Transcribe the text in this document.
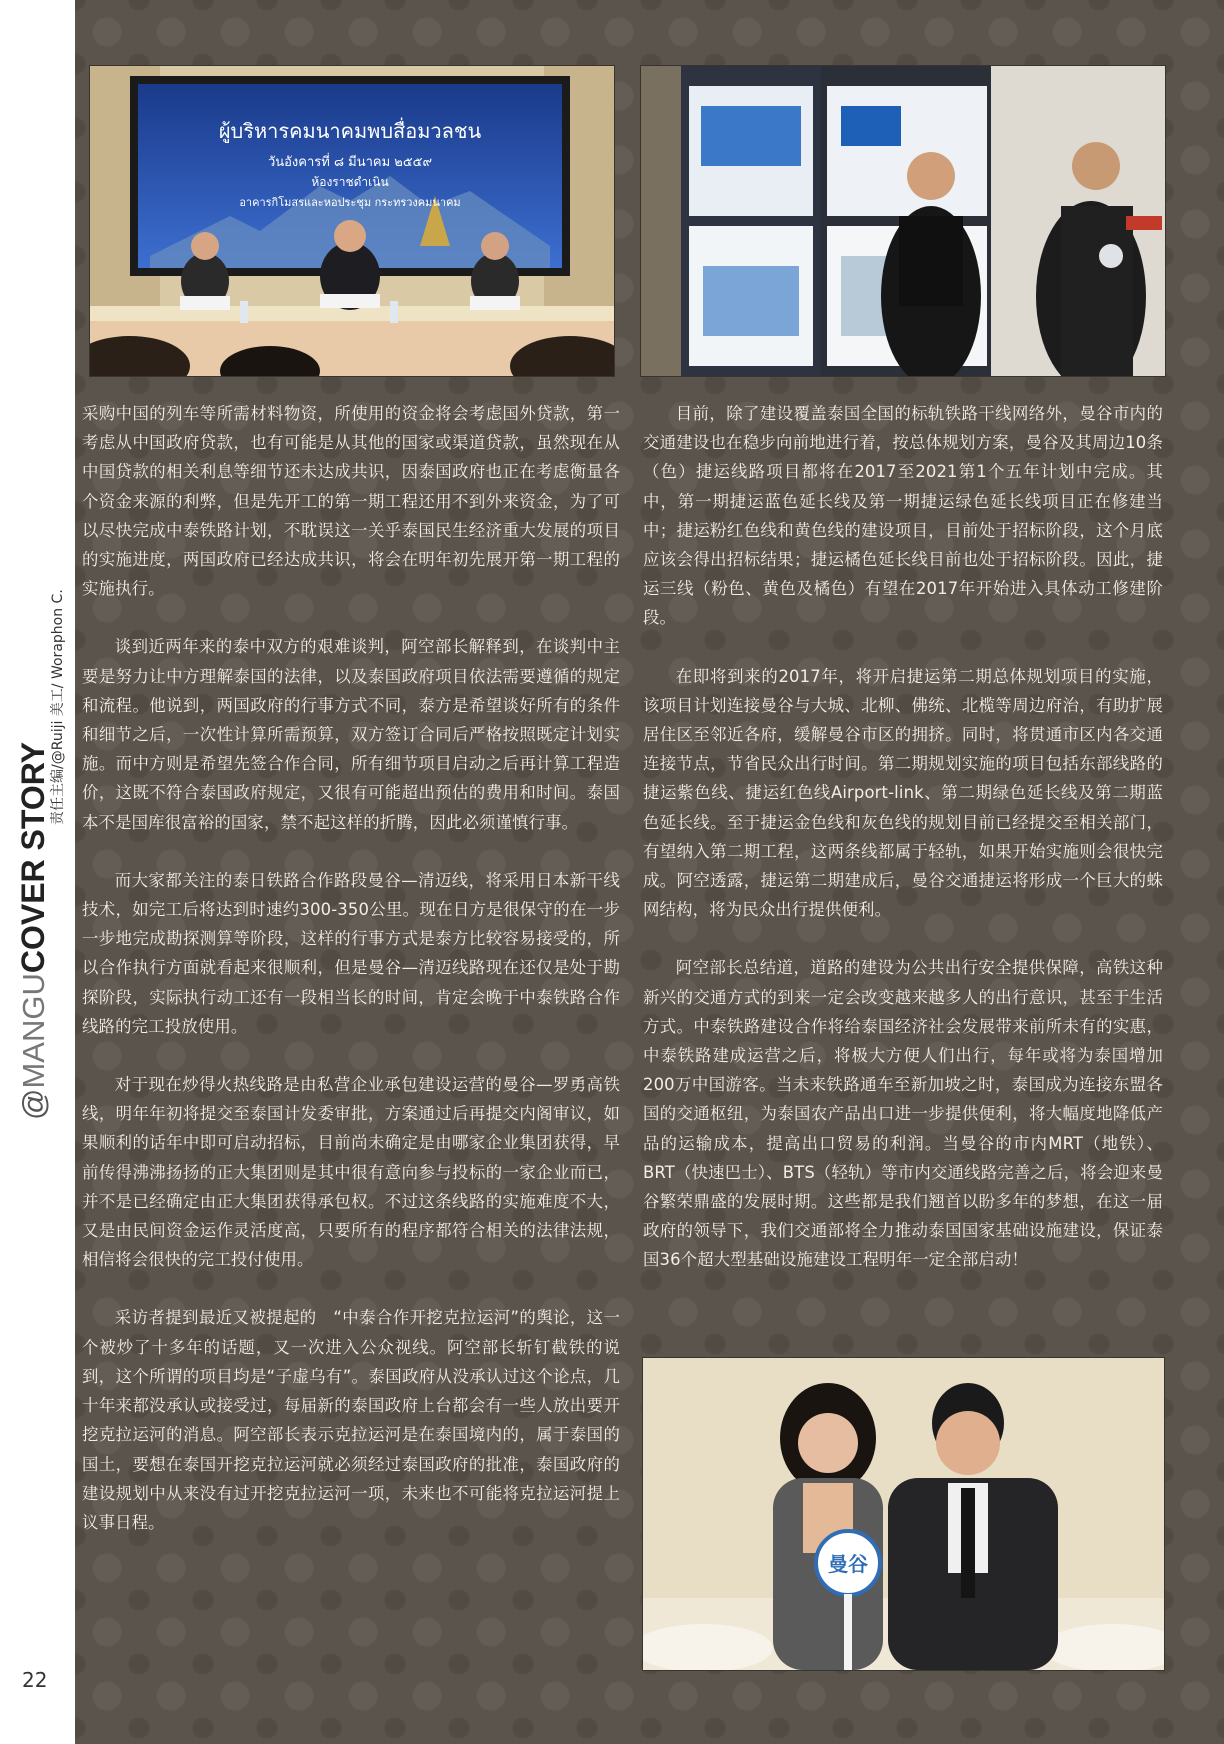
@MANGUCOVER STORY
责任主编/@Ruiji 美工/ Woraphon C.
22
ผู้บริหารคมนาคมพบสื่อมวลชน
วันอังคารที่ ๘ มีนาคม ๒๕๕๙
ห้องราชดำเนิน
อาคารกิโมสรและหอประชุม กระทรวงคมนาคม

采购中国的列车等所需材料物资，所使用的资金将会考虑国外贷款，第一考虑从中国政府贷款，也有可能是从其他的国家或渠道贷款，虽然现在从中国贷款的相关利息等细节还未达成共识，因泰国政府也正在考虑衡量各个资金来源的利弊，但是先开工的第一期工程还用不到外来资金，为了可以尽快完成中泰铁路计划，不耽误这一关乎泰国民生经济重大发展的项目的实施进度，两国政府已经达成共识，将会在明年初先展开第一期工程的实施执行。

谈到近两年来的泰中双方的艰难谈判，阿空部长解释到，在谈判中主要是努力让中方理解泰国的法律，以及泰国政府项目依法需要遵循的规定和流程。他说到，两国政府的行事方式不同，泰方是希望谈好所有的条件和细节之后，一次性计算所需预算，双方签订合同后严格按照既定计划实施。而中方则是希望先签合作合同，所有细节项目启动之后再计算工程造价，这既不符合泰国政府规定，又很有可能超出预估的费用和时间。泰国本不是国库很富裕的国家，禁不起这样的折腾，因此必须谨慎行事。

而大家都关注的泰日铁路合作路段曼谷—清迈线，将采用日本新干线技术，如完工后将达到时速约300-350公里。现在日方是很保守的在一步一步地完成勘探测算等阶段，这样的行事方式是泰方比较容易接受的，所以合作执行方面就看起来很顺利，但是曼谷—清迈线路现在还仅是处于勘探阶段，实际执行动工还有一段相当长的时间，肯定会晚于中泰铁路合作线路的完工投放使用。

对于现在炒得火热线路是由私营企业承包建设运营的曼谷—罗勇高铁线，明年年初将提交至泰国计发委审批，方案通过后再提交内阁审议，如果顺利的话年中即可启动招标，目前尚未确定是由哪家企业集团获得，早前传得沸沸扬扬的正大集团则是其中很有意向参与投标的一家企业而已，并不是已经确定由正大集团获得承包权。不过这条线路的实施难度不大，又是由民间资金运作灵活度高，只要所有的程序都符合相关的法律法规，相信将会很快的完工投付使用。

采访者提到最近又被提起的　“中泰合作开挖克拉运河”的舆论，这一个被炒了十多年的话题，又一次进入公众视线。阿空部长斩钉截铁的说到，这个所谓的项目均是“子虚乌有”。泰国政府从没承认过这个论点，几十年来都没承认或接受过，每届新的泰国政府上台都会有一些人放出要开挖克拉运河的消息。阿空部长表示克拉运河是在泰国境内的，属于泰国的国土，要想在泰国开挖克拉运河就必须经过泰国政府的批准，泰国政府的建设规划中从来没有过开挖克拉运河一项，未来也不可能将克拉运河提上议事日程。

目前，除了建设覆盖泰国全国的标轨铁路干线网络外，曼谷市内的交通建设也在稳步向前地进行着，按总体规划方案，曼谷及其周边10条（色）捷运线路项目都将在2017至2021第1个五年计划中完成。其中，第一期捷运蓝色延长线及第一期捷运绿色延长线项目正在修建当中；捷运粉红色线和黄色线的建设项目，目前处于招标阶段，这个月底应该会得出招标结果；捷运橘色延长线目前也处于招标阶段。因此，捷运三线（粉色、黄色及橘色）有望在2017年开始进入具体动工修建阶段。

在即将到来的2017年，将开启捷运第二期总体规划项目的实施，该项目计划连接曼谷与大城、北柳、佛统、北榄等周边府治，有助扩展居住区至邻近各府，缓解曼谷市区的拥挤。同时，将贯通市区内各交通连接节点，节省民众出行时间。第二期规划实施的项目包括东部线路的捷运紫色线、捷运红色线Airport-link、第二期绿色延长线及第二期蓝色延长线。至于捷运金色线和灰色线的规划目前已经提交至相关部门，有望纳入第二期工程，这两条线都属于轻轨，如果开始实施则会很快完成。阿空透露，捷运第二期建成后，曼谷交通捷运将形成一个巨大的蛛网结构，将为民众出行提供便利。

阿空部长总结道，道路的建设为公共出行安全提供保障，高铁这种新兴的交通方式的到来一定会改变越来越多人的出行意识，甚至于生活方式。中泰铁路建设合作将给泰国经济社会发展带来前所未有的实惠，中泰铁路建成运营之后，将极大方便人们出行，每年或将为泰国增加200万中国游客。当未来铁路通车至新加坡之时，泰国成为连接东盟各国的交通枢纽，为泰国农产品出口进一步提供便利，将大幅度地降低产品的运输成本，提高出口贸易的利润。当曼谷的市内MRT（地铁）、BRT（快速巴士）、BTS（轻轨）等市内交通线路完善之后，将会迎来曼谷繁荣鼎盛的发展时期。这些都是我们翘首以盼多年的梦想，在这一届政府的领导下，我们交通部将全力推动泰国国家基础设施建设，保证泰国36个超大型基础设施建设工程明年一定全部启动！

曼谷
